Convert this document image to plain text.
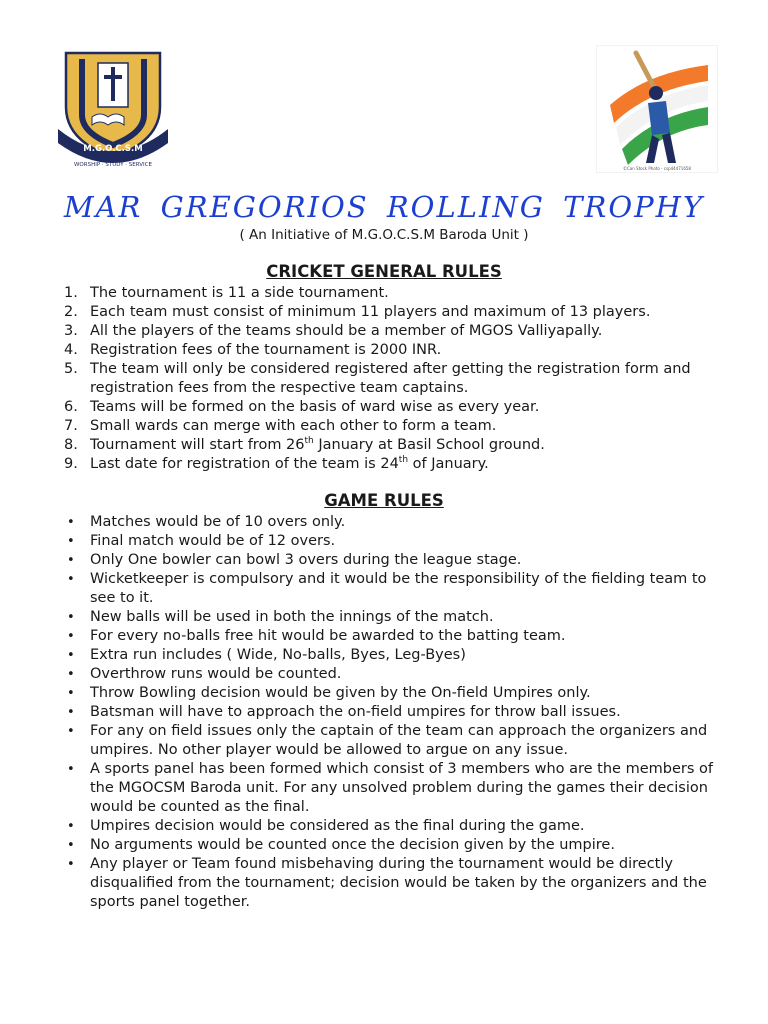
M.G.O.C.S.M
WORSHIP · STUDY · SERVICE
©Can Stock Photo - csp44471658
MAR GREGORIOS ROLLING TROPHY

( An Initiative of M.G.O.C.S.M Baroda Unit )

CRICKET GENERAL RULES
1. The tournament is 11 a side tournament.
2. Each team must consist of minimum 11 players and maximum of 13 players.
3. All the players of the teams should be a member of MGOS Valliyapally.
4. Registration fees of the tournament is 2000 INR.
5. The team will only be considered registered after getting the registration form and registration fees from the respective team captains.
6. Teams will be formed on the basis of ward wise as every year.
7. Small wards can merge with each other to form a team.
8. Tournament will start from 26th January at Basil School ground.
9. Last date for registration of the team is 24th of January.
GAME RULES
• Matches would be of 10 overs only.
• Final match would be of 12 overs.
• Only One bowler can bowl 3 overs during the league stage.
• Wicketkeeper is compulsory and it would be the responsibility of the fielding team to see to it.
• New balls will be used in both the innings of the match.
• For every no-balls free hit would be awarded to the batting team.
• Extra run includes ( Wide, No-balls, Byes, Leg-Byes)
• Overthrow runs would be counted.
• Throw Bowling decision would be given by the On-field Umpires only.
• Batsman will have to approach the on-field umpires for throw ball issues.
• For any on field issues only the captain of the team can approach the organizers and umpires. No other player would be allowed to argue on any issue.
• A sports panel has been formed which consist of 3 members who are the members of the MGOCSM Baroda unit. For any unsolved problem during the games their decision would be counted as the final.
• Umpires decision would be considered as the final during the game.
• No arguments would be counted once the decision given by the umpire.
• Any player or Team found misbehaving during the tournament would be directly disqualified from the tournament; decision would be taken by the organizers and the sports panel together.
